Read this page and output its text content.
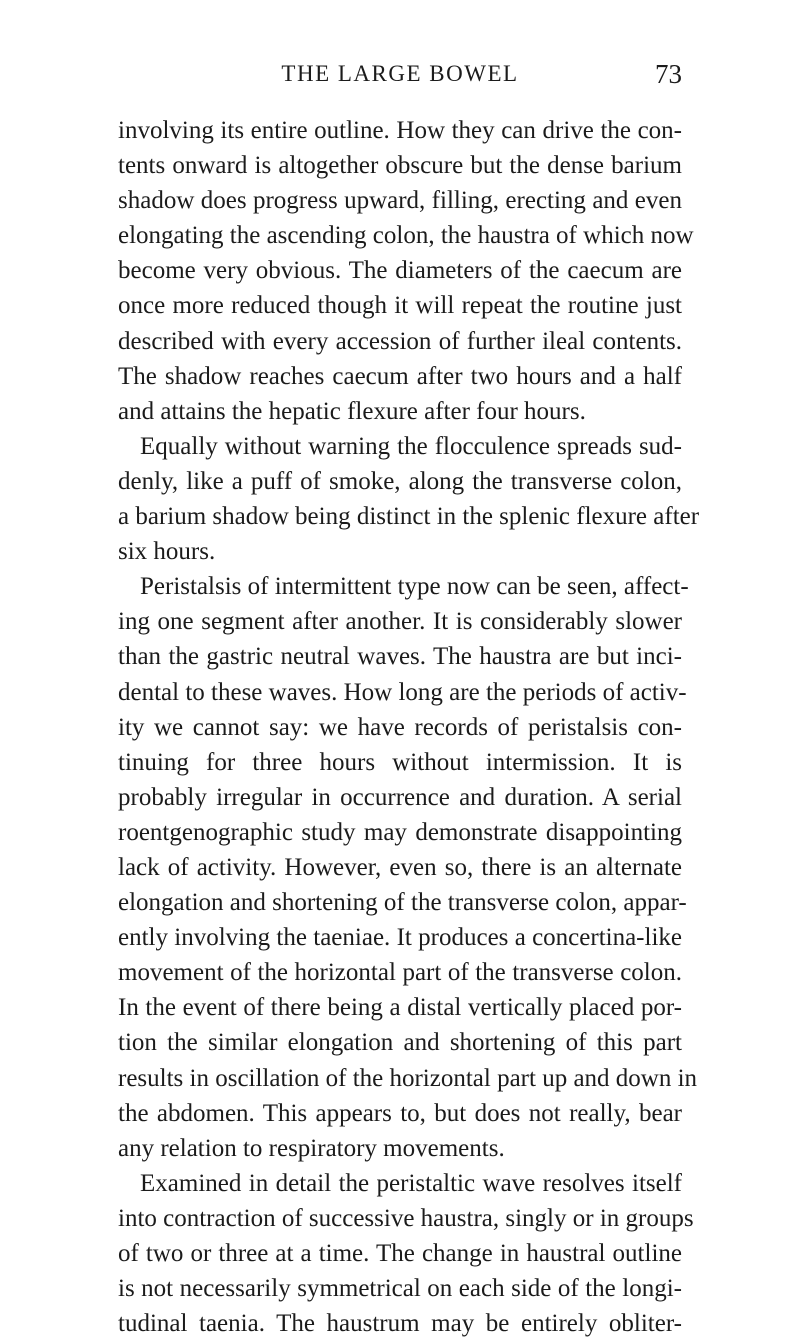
THE LARGE BOWEL	73
involving its entire outline. How they can drive the con-
tents onward is altogether obscure but the dense barium
shadow does progress upward, filling, erecting and even
elongating the ascending colon, the haustra of which now
become very obvious. The diameters of the caecum are
once more reduced though it will repeat the routine just
described with every accession of further ileal contents.
The shadow reaches caecum after two hours and a half
and attains the hepatic flexure after four hours.
Equally without warning the flocculence spreads sud-
denly, like a puff of smoke, along the transverse colon,
a barium shadow being distinct in the splenic flexure after
six hours.
Peristalsis of intermittent type now can be seen, affect-
ing one segment after another. It is considerably slower
than the gastric neutral waves. The haustra are but inci-
dental to these waves. How long are the periods of activ-
ity we cannot say: we have records of peristalsis con-
tinuing for three hours without intermission. It is
probably irregular in occurrence and duration. A serial
roentgenographic study may demonstrate disappointing
lack of activity. However, even so, there is an alternate
elongation and shortening of the transverse colon, appar-
ently involving the taeniae. It produces a concertina-like
movement of the horizontal part of the transverse colon.
In the event of there being a distal vertically placed por-
tion the similar elongation and shortening of this part
results in oscillation of the horizontal part up and down in
the abdomen. This appears to, but does not really, bear
any relation to respiratory movements.
Examined in detail the peristaltic wave resolves itself
into contraction of successive haustra, singly or in groups
of two or three at a time. The change in haustral outline
is not necessarily symmetrical on each side of the longi-
tudinal taenia. The haustrum may be entirely obliter-
